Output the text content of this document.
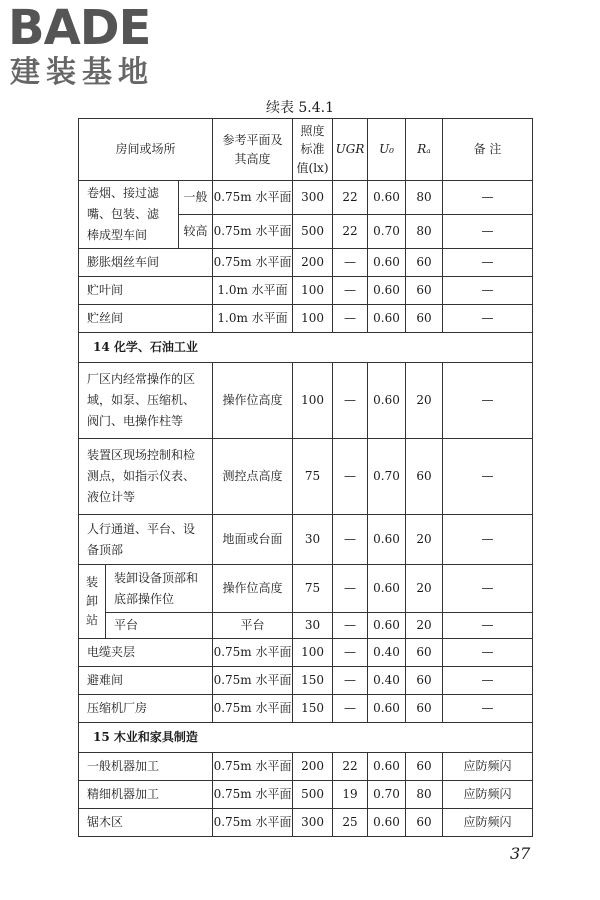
BADE
建装基地
续表 5.4.1
房间或场所			参考平面及其高度	照度标准值(lx)	UGR	U₀	Rₐ	备 注
卷烟、接过滤嘴、包装、滤棒成型车间		一般	0.75m 水平面	300	22	0.60	80	—
		较高	0.75m 水平面	500	22	0.70	80	—
膨胀烟丝车间			0.75m 水平面	200	—	0.60	60	—
贮叶间			1.0m 水平面	100	—	0.60	60	—
贮丝间			1.0m 水平面	100	—	0.60	60	—
14 化学、石油工业								
厂区内经常操作的区域，如泵、压缩机、阀门、电操作柱等			操作位高度	100	—	0.60	20	—
装置区现场控制和检测点，如指示仪表、液位计等			测控点高度	75	—	0.70	60	—
人行通道、平台、设备顶部			地面或台面	30	—	0.60	20	—
装卸站	装卸设备顶部和底部操作位		操作位高度	75	—	0.60	20	—
	平台		平台	30	—	0.60	20	—
电缆夹层			0.75m 水平面	100	—	0.40	60	—
避难间			0.75m 水平面	150	—	0.40	60	—
压缩机厂房			0.75m 水平面	150	—	0.60	60	—
15 木业和家具制造								
一般机器加工			0.75m 水平面	200	22	0.60	60	应防频闪
精细机器加工			0.75m 水平面	500	19	0.70	80	应防频闪
锯木区			0.75m 水平面	300	25	0.60	60	应防频闪
37
